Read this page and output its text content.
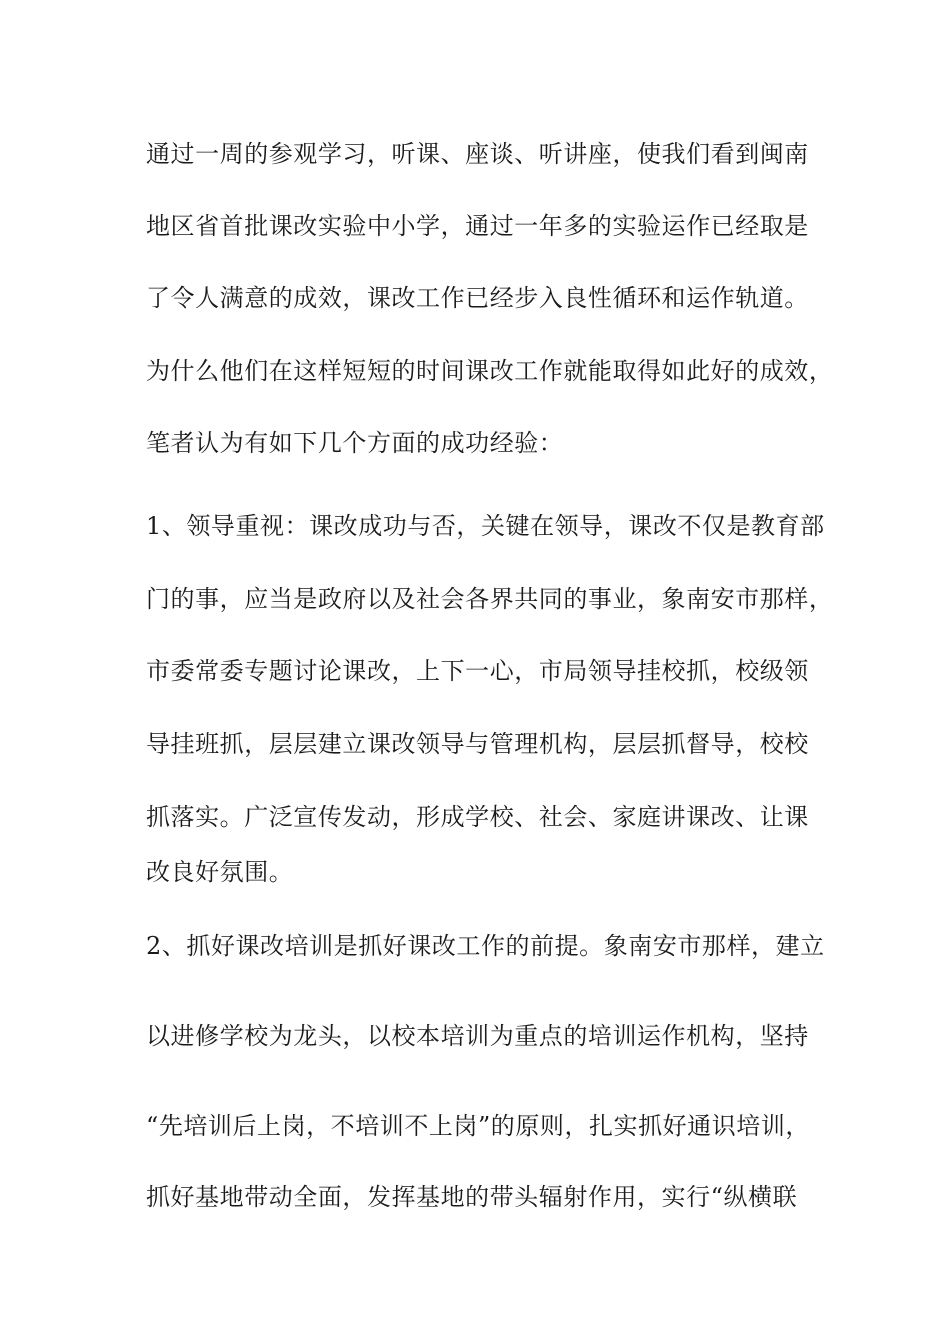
通过一周的参观学习，听课、座谈、听讲座，使我们看到闽南
地区省首批课改实验中小学，通过一年多的实验运作已经取是
了令人满意的成效，课改工作已经步入良性循环和运作轨道。
为什么他们在这样短短的时间课改工作就能取得如此好的成效，
笔者认为有如下几个方面的成功经验：
1、领导重视：课改成功与否，关键在领导，课改不仅是教育部
门的事，应当是政府以及社会各界共同的事业，象南安市那样，
市委常委专题讨论课改，上下一心，市局领导挂校抓，校级领
导挂班抓，层层建立课改领导与管理机构，层层抓督导，校校
抓落实。广泛宣传发动，形成学校、社会、家庭讲课改、让课
改良好氛围。
2、抓好课改培训是抓好课改工作的前提。象南安市那样，建立
以进修学校为龙头，以校本培训为重点的培训运作机构，坚持
“先培训后上岗，不培训不上岗”的原则，扎实抓好通识培训，
抓好基地带动全面，发挥基地的带头辐射作用，实行“纵横联
